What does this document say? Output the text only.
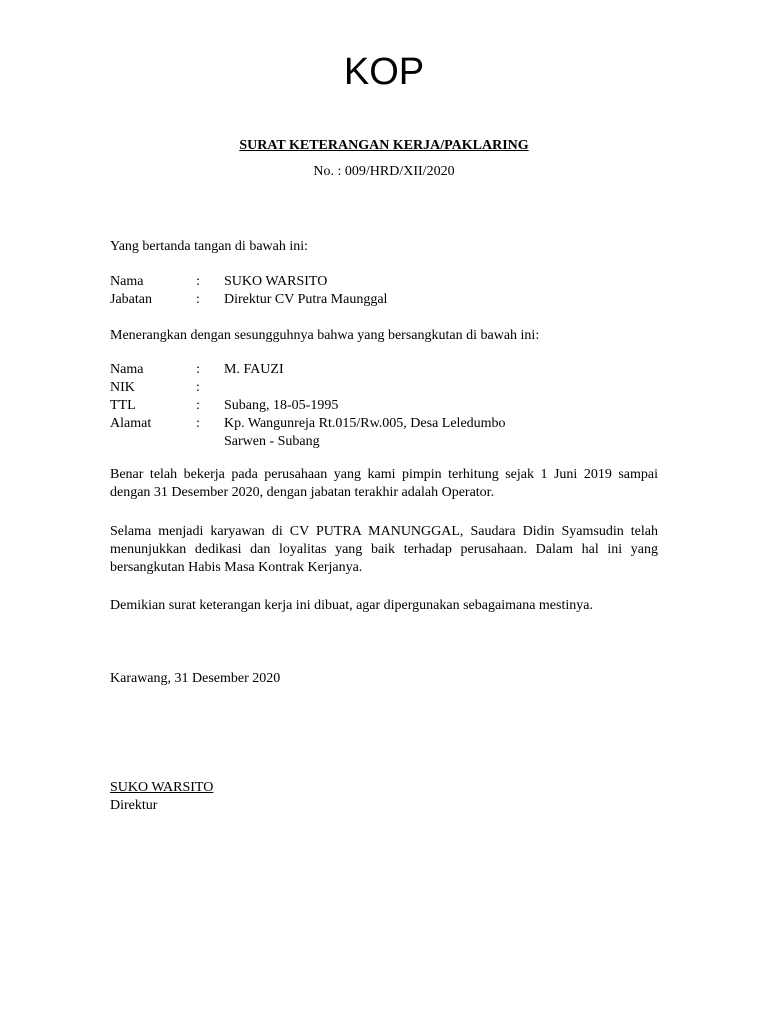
KOP
SURAT KETERANGAN KERJA/PAKLARING
No. : 009/HRD/XII/2020
Yang bertanda tangan di bawah ini:
Nama	:	SUKO WARSITO
Jabatan	:	Direktur CV Putra Maunggal
Menerangkan dengan sesungguhnya bahwa yang bersangkutan di bawah ini:
Nama	:	M. FAUZI
NIK	:
TTL	:	Subang, 18-05-1995
Alamat	:	Kp. Wangunreja Rt.015/Rw.005, Desa Leledumbo
Sarwen - Subang
Benar telah bekerja pada perusahaan yang kami pimpin terhitung sejak 1 Juni 2019 sampai dengan 31 Desember 2020, dengan jabatan terakhir adalah Operator.
Selama menjadi karyawan di CV PUTRA MANUNGGAL, Saudara Didin Syamsudin telah menunjukkan dedikasi dan loyalitas yang baik terhadap perusahaan. Dalam hal ini yang bersangkutan Habis Masa Kontrak Kerjanya.
Demikian surat keterangan kerja ini dibuat, agar dipergunakan sebagaimana mestinya.
Karawang, 31 Desember 2020
SUKO WARSITO
Direktur
